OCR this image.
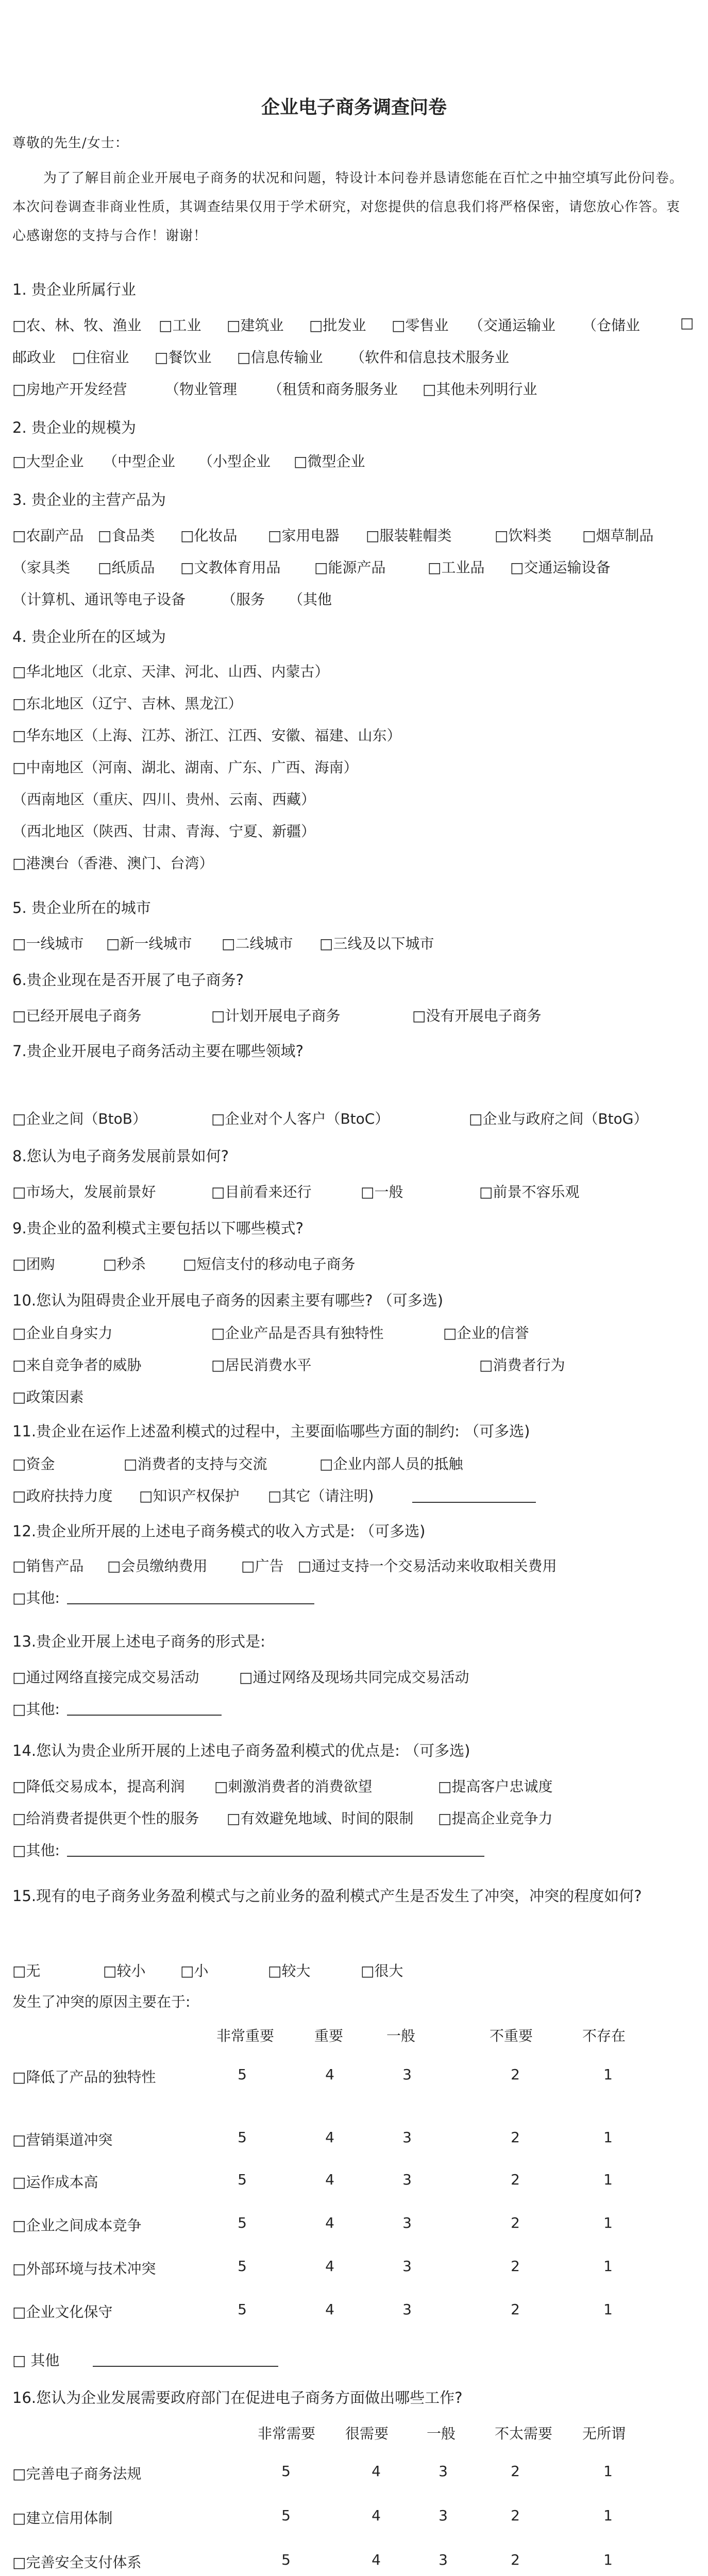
企业电子商务调查问卷
尊敬的先生/女士：
为了了解目前企业开展电子商务的状况和问题，特设计本问卷并恳请您能在百忙之中抽空填写此份问卷。本次问卷调查非商业性质，其调查结果仅用于学术研究，对您提供的信息我们将严格保密，请您放心作答。衷心感谢您的支持与合作！谢谢！
1. 贵企业所属行业
□农、林、牧、渔业 □工业 □建筑业 □批发业 □零售业 （交通运输业 （仓储业	□
邮政业 □住宿业 □餐饮业 □信息传输业 （软件和信息技术服务业
□房地产开发经营	（物业管理 （租赁和商务服务业 □其他未列明行业
2. 贵企业的规模为
□大型企业 （中型企业 （小型企业 □微型企业
3. 贵企业的主营产品为
□农副产品 □食品类 □化妆品 □家用电器 □服装鞋帽类	□饮料类 □烟草制品
（家具类 □纸质品 □文教体育用品 □能源产品	□工业品 □交通运输设备
（计算机、通讯等电子设备 （服务 （其他
4. 贵企业所在的区域为
□华北地区（北京、天津、河北、山西、内蒙古）
□东北地区（辽宁、吉林、黑龙江）
□华东地区（上海、江苏、浙江、江西、安徽、福建、山东）
□中南地区（河南、湖北、湖南、广东、广西、海南）
（西南地区（重庆、四川、贵州、云南、西藏）
（西北地区（陕西、甘肃、青海、宁夏、新疆）
□港澳台（香港、澳门、台湾）
5. 贵企业所在的城市
□一线城市 □新一线城市 □二线城市 □三线及以下城市
6.贵企业现在是否开展了电子商务?
□已经开展电子商务	□计划开展电子商务	□没有开展电子商务
7.贵企业开展电子商务活动主要在哪些领域?
□企业之间（BtoB）	□企业对个人客户（BtoC）	□企业与政府之间（BtoG）
8.您认为电子商务发展前景如何?
□市场大，发展前景好	□目前看来还行	□一般	□前景不容乐观
9.贵企业的盈利模式主要包括以下哪些模式?
□团购	□秒杀	□短信支付的移动电子商务
10.您认为阻碍贵企业开展电子商务的因素主要有哪些? （可多选)
□企业自身实力	□企业产品是否具有独特性	□企业的信誉
□来自竞争者的威胁	□居民消费水平	□消费者行为
□政策因素
11.贵企业在运作上述盈利模式的过程中，主要面临哪些方面的制约: （可多选)
□资金	□消费者的支持与交流	□企业内部人员的抵触
□政府扶持力度 □知识产权保护 □其它（请注明)
12.贵企业所开展的上述电子商务模式的收入方式是: （可多选)
□销售产品 □会员缴纳费用 □广告 □通过支持一个交易活动来收取相关费用
□其他:
13.贵企业开展上述电子商务的形式是:
□通过网络直接完成交易活动	□通过网络及现场共同完成交易活动
□其他:
14.您认为贵企业所开展的上述电子商务盈利模式的优点是: （可多选)
□降低交易成本，提高利润 □刺激消费者的消费欲望	□提高客户忠诚度
□给消费者提供更个性的服务 □有效避免地域、时间的限制 □提高企业竞争力
□其他:
15.现有的电子商务业务盈利模式与之前业务的盈利模式产生是否发生了冲突，冲突的程度如何?
□无	□较小 □小	□较大	□很大
发生了冲突的原因主要在于:
非常重要	重要	一般	不重要	不存在
□降低了产品的独特性	5	4	3	2	1
□营销渠道冲突	5	4	3	2	1
□运作成本高	5	4	3	2	1
□企业之间成本竞争	5	4	3	2	1
□外部环境与技术冲突	5	4	3	2	1
□企业文化保守	5	4	3	2	1
□ 其他
16.您认为企业发展需要政府部门在促进电子商务方面做出哪些工作?
非常需要 很需要	一般	不太需要 无所谓
□完善电子商务法规	5	4	3	2	1
□建立信用体制	5	4	3	2	1
□完善安全支付体系	5	4	3	2	1
